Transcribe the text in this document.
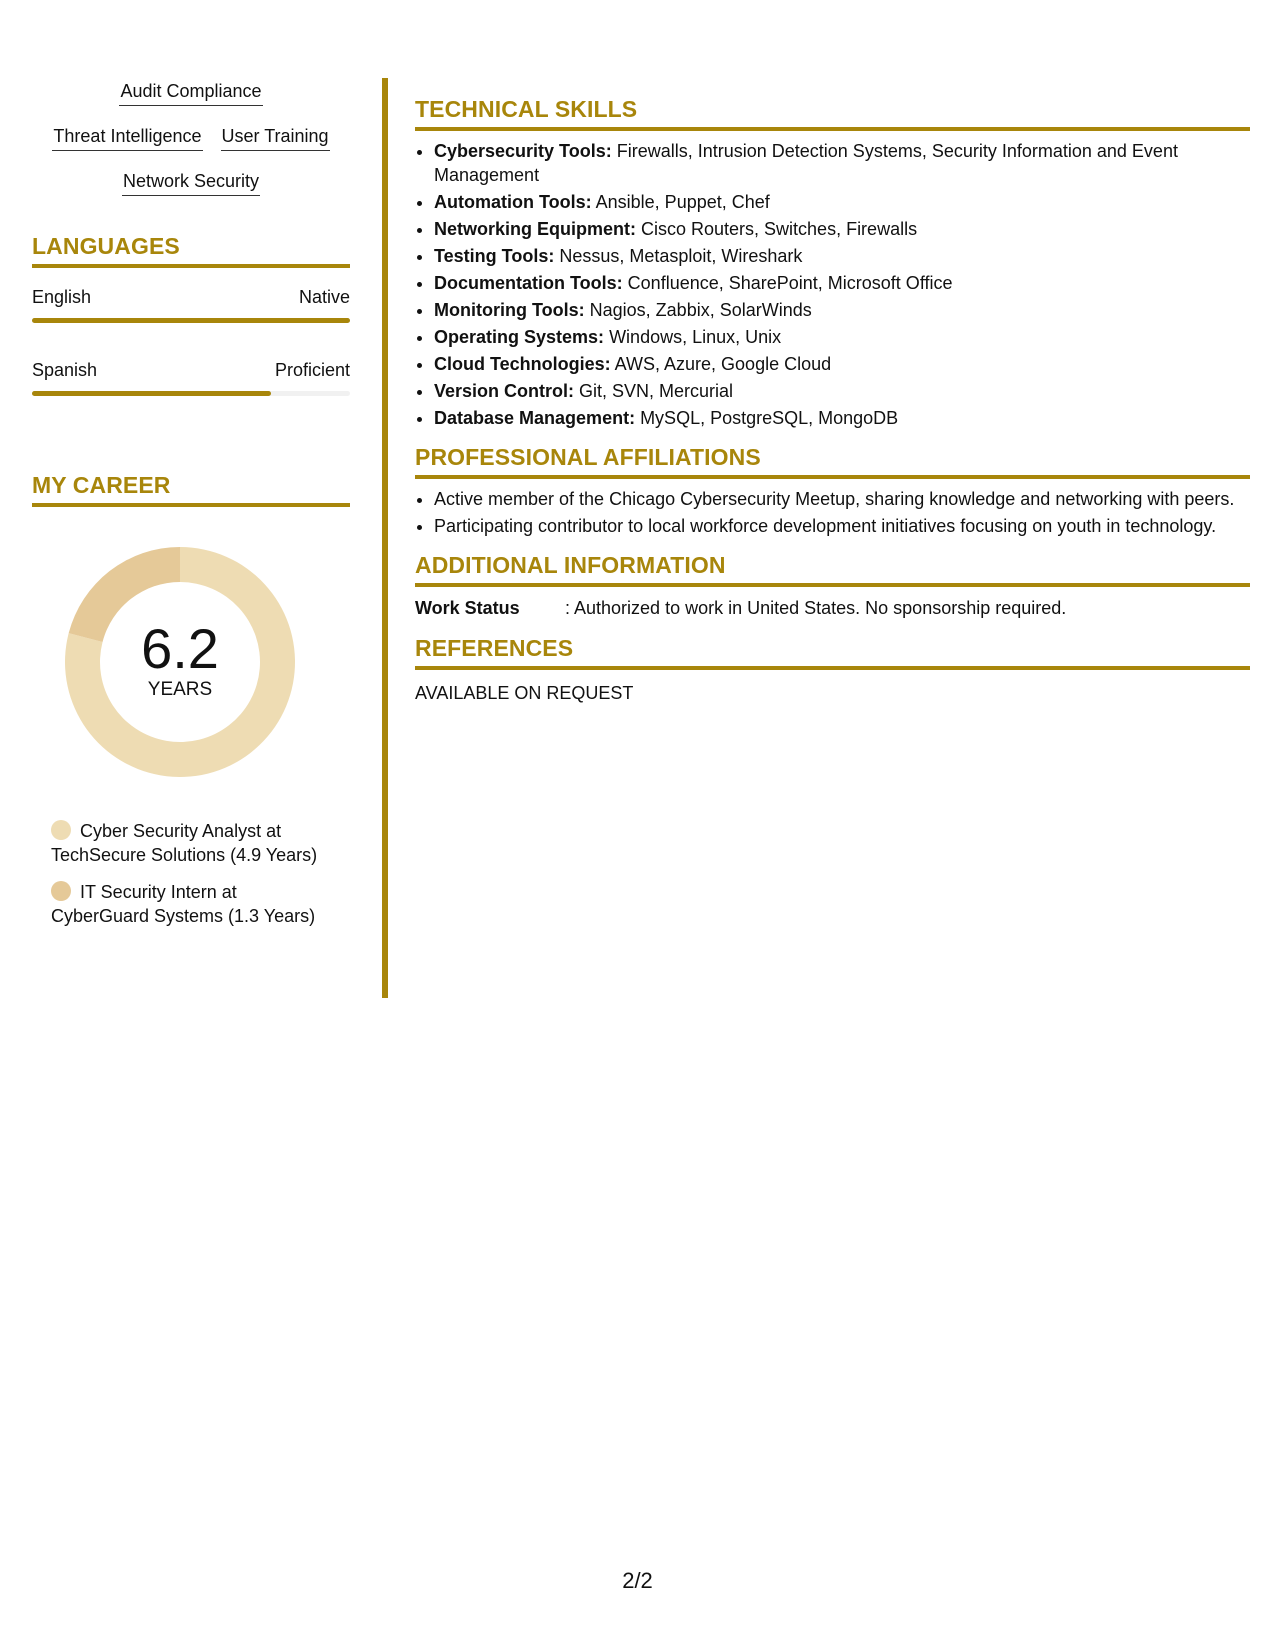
Audit Compliance
Threat Intelligence User Training
Network Security
LANGUAGES
English	Native
Spanish	Proficient
MY CAREER
6.2
YEARS
Cyber Security Analyst at TechSecure Solutions (4.9 Years)
IT Security Intern at CyberGuard Systems (1.3 Years)
TECHNICAL SKILLS
• Cybersecurity Tools: Firewalls, Intrusion Detection Systems, Security Information and Event Management
• Automation Tools: Ansible, Puppet, Chef
• Networking Equipment: Cisco Routers, Switches, Firewalls
• Testing Tools: Nessus, Metasploit, Wireshark
• Documentation Tools: Confluence, SharePoint, Microsoft Office
• Monitoring Tools: Nagios, Zabbix, SolarWinds
• Operating Systems: Windows, Linux, Unix
• Cloud Technologies: AWS, Azure, Google Cloud
• Version Control: Git, SVN, Mercurial
• Database Management: MySQL, PostgreSQL, MongoDB
PROFESSIONAL AFFILIATIONS
• Active member of the Chicago Cybersecurity Meetup, sharing knowledge and networking with peers.
• Participating contributor to local workforce development initiatives focusing on youth in technology.
ADDITIONAL INFORMATION
Work Status	: Authorized to work in United States. No sponsorship required.
REFERENCES
AVAILABLE ON REQUEST
2/2
